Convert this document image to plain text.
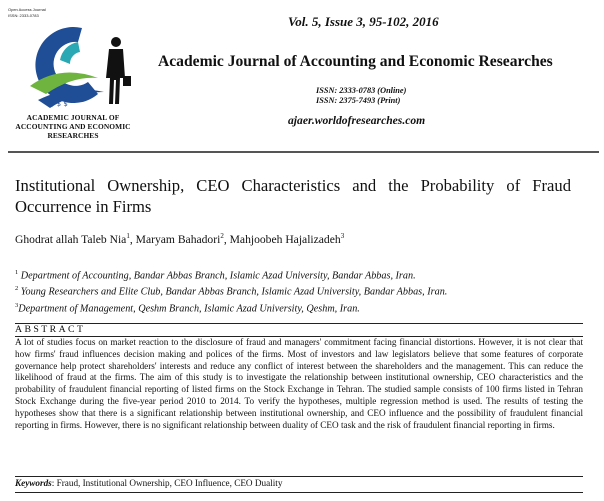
Open Access Journal
ISSN: 2333-0783
$ $ $
ACADEMIC JOURNAL OF
ACCOUNTING AND ECONOMIC
RESEARCHES
Vol. 5, Issue 3, 95-102, 2016
Academic Journal of Accounting and Economic Researches
ISSN: 2333-0783 (Online)
ISSN: 2375-7493 (Print)
ajaer.worldofresearches.com
Institutional Ownership, CEO Characteristics and the Probability of Fraud Occurrence in Firms
Ghodrat allah Taleb Nia$^1$, Maryam Bahadori$^2$, Mahjoobeh Hajalizadeh$^3$
$^1$ Department of Accounting, Bandar Abbas Branch, Islamic Azad University, Bandar Abbas, Iran.
$^2$ Young Researchers and Elite Club, Bandar Abbas Branch, Islamic Azad University, Bandar Abbas, Iran.
$^3$Department of Management, Qeshm Branch, Islamic Azad University, Qeshm, Iran.
ABSTRACT
A lot of studies focus on market reaction to the disclosure of fraud and managers' commitment facing financial distortions. However, it is not clear that how firms' fraud influences decision making and polices of the firms. Most of investors and law legislators believe that some features of corporate governance help protect shareholders' interests and reduce any conflict of interest between the shareholders and the management. This can reduce the likelihood of fraud at the firms. The aim of this study is to investigate the relationship between institutional ownership, CEO characteristics and the probability of fraudulent financial reporting of listed firms on the Stock Exchange in Tehran. The studied sample consists of 100 firms listed in Tehran Stock Exchange during the five-year period 2010 to 2014. To verify the hypotheses, multiple regression method is used. The results of testing the hypotheses show that there is a significant relationship between institutional ownership, and CEO influence and the possibility of fraudulent financial reporting in firms. However, there is no significant relationship between duality of CEO task and the risk of fraudulent financial reporting in firms.
Keywords: Fraud, Institutional Ownership, CEO Influence, CEO Duality
